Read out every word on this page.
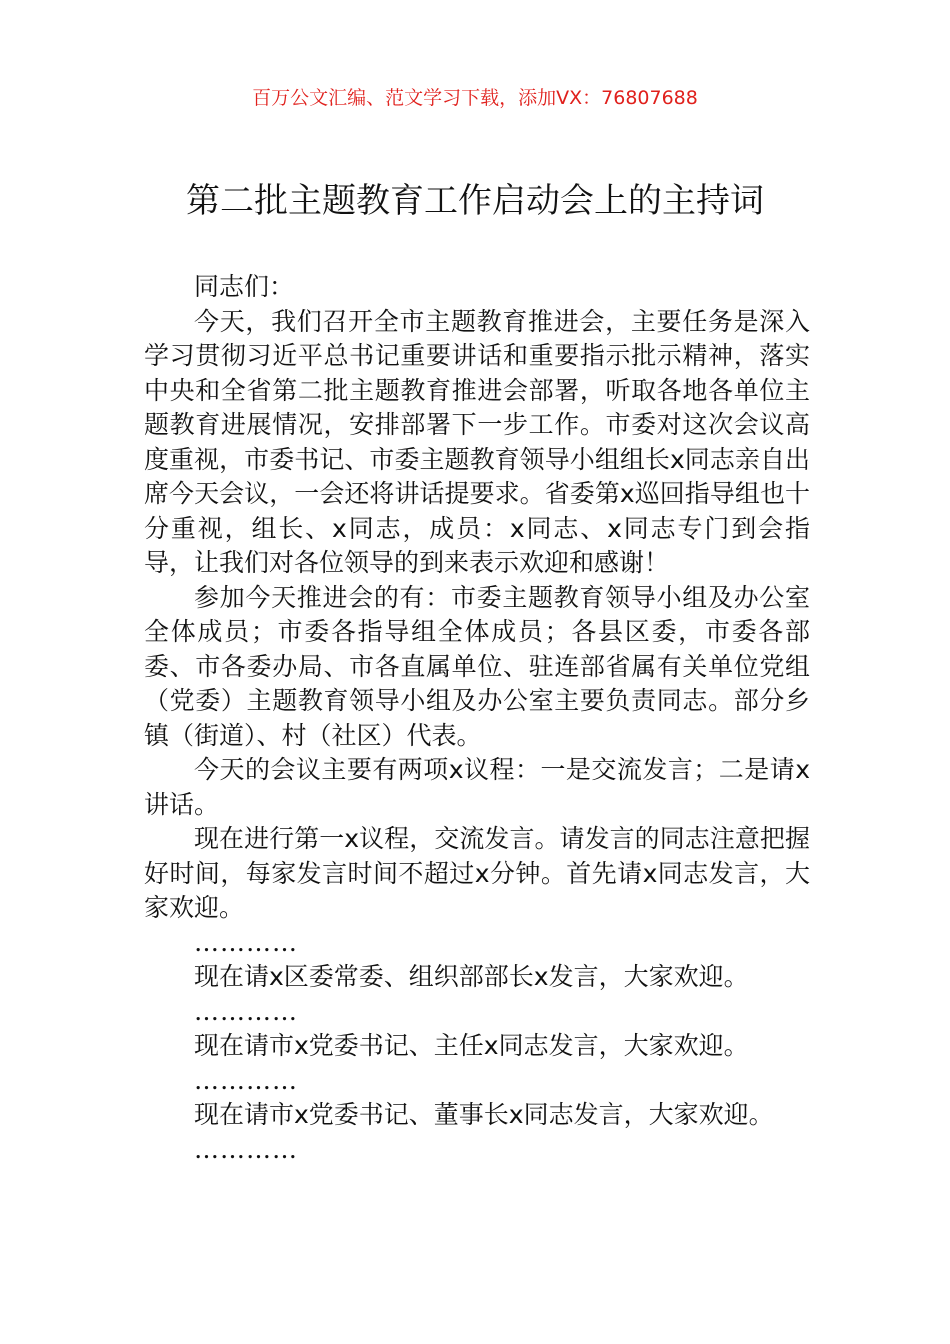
百万公文汇编、范文学习下载，添加VX：76807688
第二批主题教育工作启动会上的主持词

同志们：

今天，我们召开全市主题教育推进会，主要任务是深入学习贯彻习近平总书记重要讲话和重要指示批示精神，落实中央和全省第二批主题教育推进会部署，听取各地各单位主题教育进展情况，安排部署下一步工作。市委对这次会议高度重视，市委书记、市委主题教育领导小组组长x同志亲自出席今天会议，一会还将讲话提要求。省委第x巡回指导组也十分重视，组长、x同志，成员：x同志、x同志专门到会指导，让我们对各位领导的到来表示欢迎和感谢！

参加今天推进会的有：市委主题教育领导小组及办公室全体成员；市委各指导组全体成员；各县区委，市委各部委、市各委办局、市各直属单位、驻连部省属有关单位党组（党委）主题教育领导小组及办公室主要负责同志。部分乡镇（街道）、村（社区）代表。

今天的会议主要有两项x议程：一是交流发言；二是请x讲话。

现在进行第一x议程，交流发言。请发言的同志注意把握好时间，每家发言时间不超过x分钟。首先请x同志发言，大家欢迎。

…………

现在请x区委常委、组织部部长x发言，大家欢迎。

…………

现在请市x党委书记、主任x同志发言，大家欢迎。

…………

现在请市x党委书记、董事长x同志发言，大家欢迎。

…………
